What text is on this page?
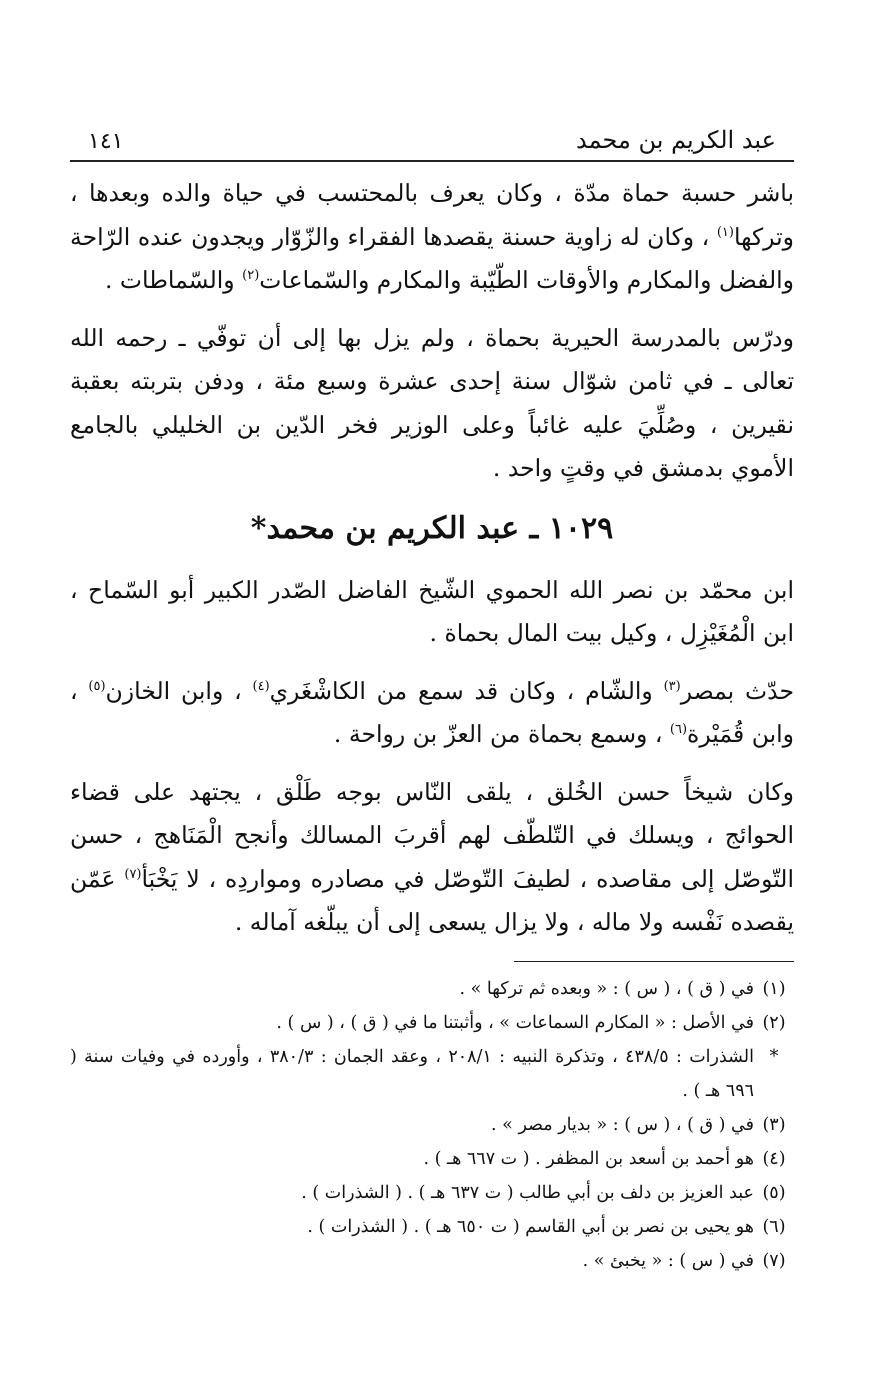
عبد الكريم بن محمد
١٤١

باشر حسبة حماة مدّة ، وكان يعرف بالمحتسب في حياة والده وبعدها ، وتركها$^{(١)}$ ، وكان له زاوية حسنة يقصدها الفقراء والزّوّار ويجدون عنده الرّاحة والفضل والمكارم والأوقات الطّيّبة والمكارم والسّماعات$^{(٢)}$ والسّماطات .

ودرّس بالمدرسة الحيرية بحماة ، ولم يزل بها إلى أن توفّي ـ رحمه الله تعالى ـ في ثامن شوّال سنة إحدى عشرة وسبع مئة ، ودفن بتربته بعقبة نقيرين ، وصُلِّيَ عليه غائباً وعلى الوزير فخر الدّين بن الخليلي بالجامع الأموي بدمشق في وقتٍ واحد .

١٠٢٩ ـ عبد الكريم بن محمد*

ابن محمّد بن نصر الله الحموي الشّيخ الفاضل الصّدر الكبير أبو السّماح ، ابن الْمُغَيْزِل ، وكيل بيت المال بحماة .

حدّث بمصر$^{(٣)}$ والشّام ، وكان قد سمع من الكاشْغَري$^{(٤)}$ ، وابن الخازن$^{(٥)}$ ، وابن قُمَيْرة$^{(٦)}$ ، وسمع بحماة من العزّ بن رواحة .

وكان شيخاً حسن الخُلق ، يلقى النّاس بوجه طَلْق ، يجتهد على قضاء الحوائج ، ويسلك في التّلطّف لهم أقربَ المسالك وأنجح الْمَنَاهج ، حسن التّوصّل إلى مقاصده ، لطيفَ التّوصّل في مصادره ومواردِه ، لا يَخْبَأ$^{(٧)}$ عَمّن يقصده نَفْسه ولا ماله ، ولا يزال يسعى إلى أن يبلّغه آماله .

(١)
في ( ق ) ، ( س ) : « وبعده ثم تركها » .
(٢)
في الأصل : « المكارم السماعات » ، وأثبتنا ما في ( ق ) ، ( س ) .
*
الشذرات : ٤٣٨/٥ ، وتذكرة النبيه : ٢٠٨/١ ، وعقد الجمان : ٣٨٠/٣ ، وأورده في وفيات سنة ( ٦٩٦ هـ ) .
(٣)
في ( ق ) ، ( س ) : « بديار مصر » .
(٤)
هو أحمد بن أسعد بن المظفر . ( ت ٦٦٧ هـ ) .
(٥)
عبد العزيز بن دلف بن أبي طالب ( ت ٦٣٧ هـ ) . ( الشذرات ) .
(٦)
هو يحيى بن نصر بن أبي القاسم ( ت ٦٥٠ هـ ) . ( الشذرات ) .
(٧)
في ( س ) : « يخبئ » .
